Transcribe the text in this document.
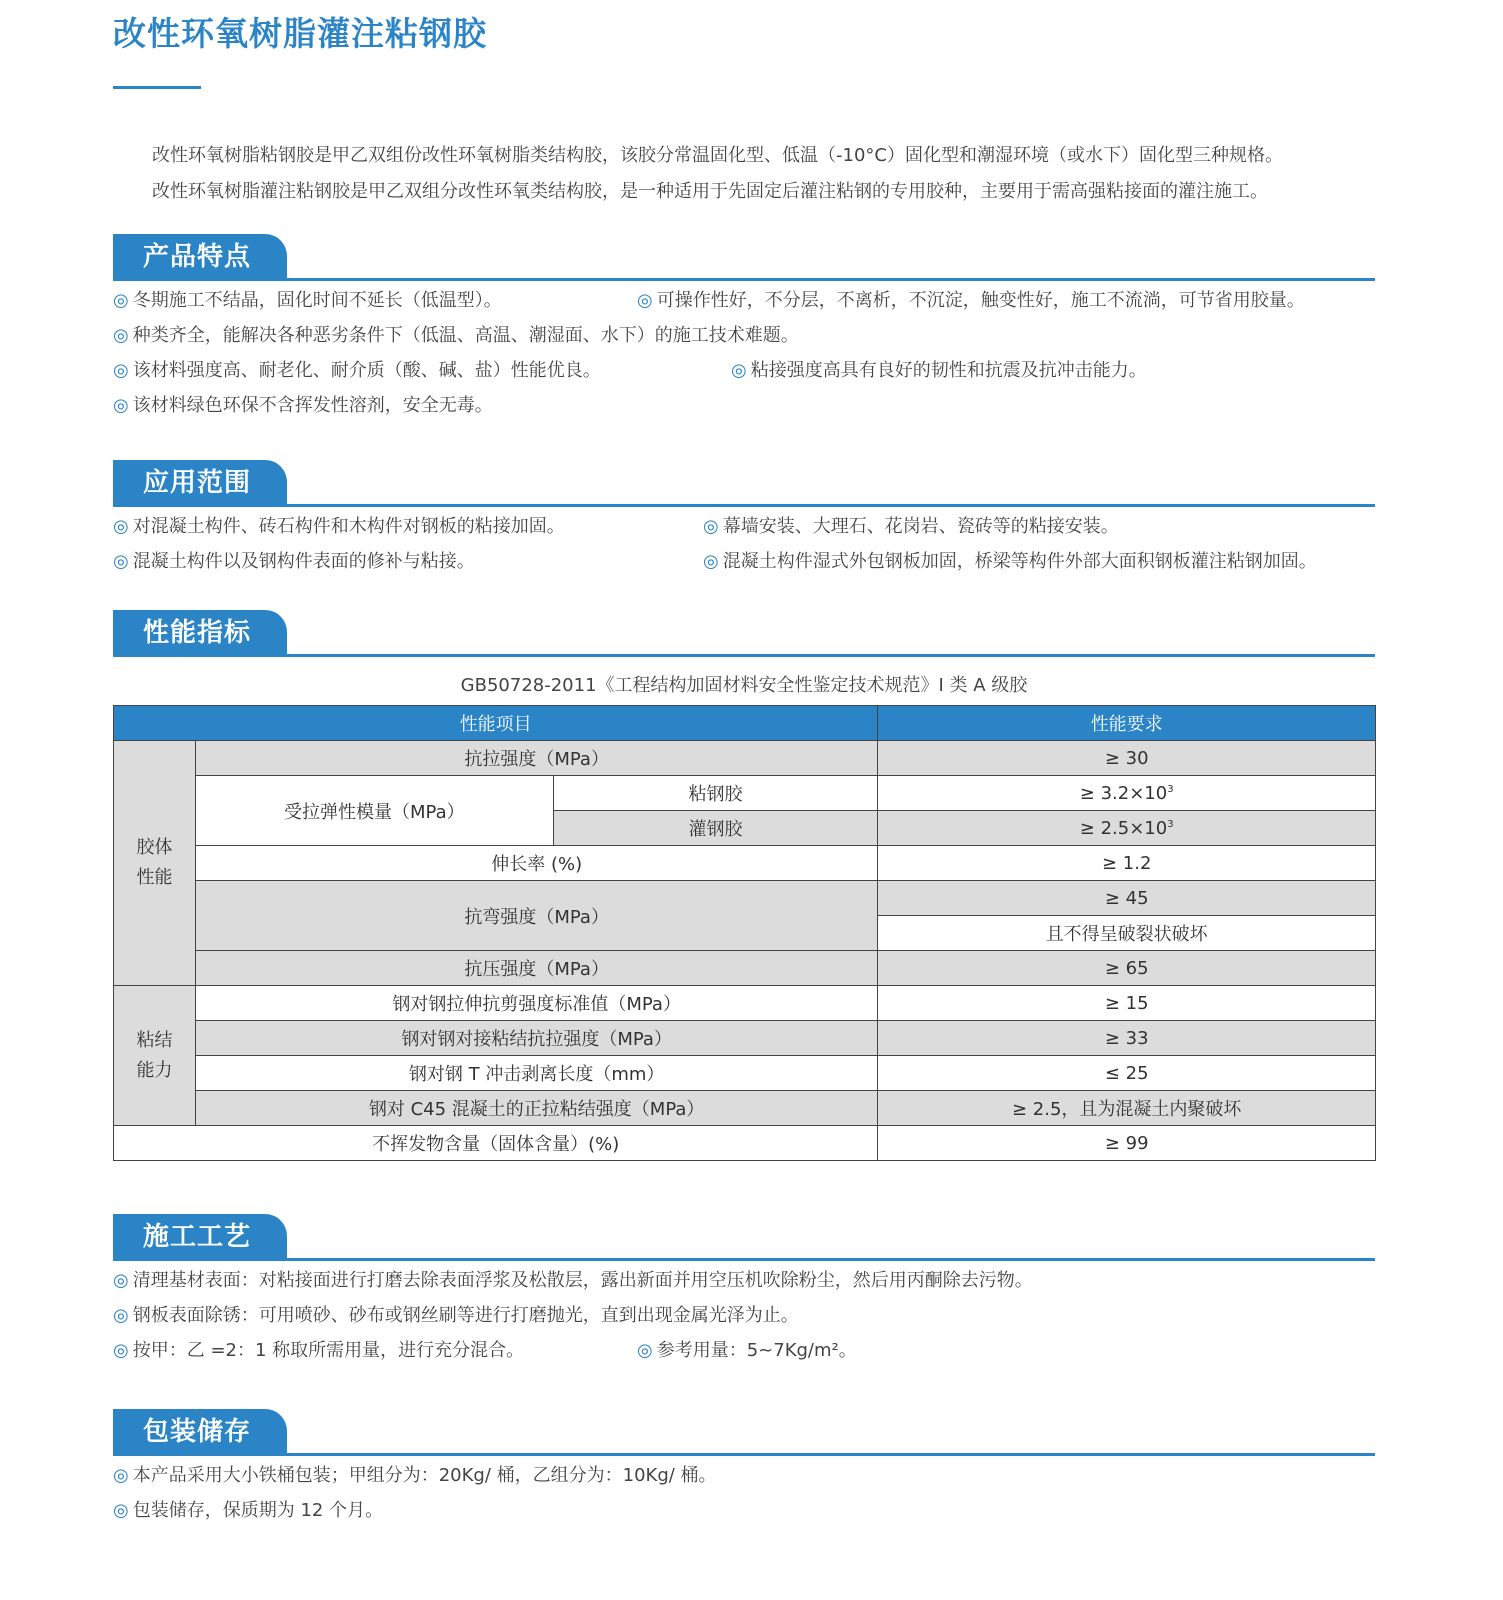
改性环氧树脂灌注粘钢胶
改性环氧树脂粘钢胶是甲乙双组份改性环氧树脂类结构胶，该胶分常温固化型、低温（-10°C）固化型和潮湿环境（或水下）固化型三种规格。
改性环氧树脂灌注粘钢胶是甲乙双组分改性环氧类结构胶，是一种适用于先固定后灌注粘钢的专用胶种，主要用于需高强粘接面的灌注施工。
产品特点
◎ 冬期施工不结晶，固化时间不延长（低温型）。	◎ 可操作性好，不分层，不离析，不沉淀，触变性好，施工不流淌，可节省用胶量。
◎ 种类齐全，能解决各种恶劣条件下（低温、高温、潮湿面、水下）的施工技术难题。
◎ 该材料强度高、耐老化、耐介质（酸、碱、盐）性能优良。	◎ 粘接强度高具有良好的韧性和抗震及抗冲击能力。
◎ 该材料绿色环保不含挥发性溶剂，安全无毒。
应用范围
◎ 对混凝土构件、砖石构件和木构件对钢板的粘接加固。	◎ 幕墙安装、大理石、花岗岩、瓷砖等的粘接安装。
◎ 混凝土构件以及钢构件表面的修补与粘接。	◎ 混凝土构件湿式外包钢板加固，桥梁等构件外部大面积钢板灌注粘钢加固。
性能指标
GB50728-2011《工程结构加固材料安全性鉴定技术规范》I 类 A 级胶
性能项目			性能要求
胶体性能	抗拉强度（MPa）		≥ 30
	受拉弹性模量（MPa）	粘钢胶	≥ $3.2\times 10^3$
		灌钢胶	≥ $2.5\times 10^3$
	伸长率 (%)		≥ 1.2
	抗弯强度（MPa）		≥ 45
			且不得呈破裂状破坏
	抗压强度（MPa）		≥ 65
粘结能力	钢对钢拉伸抗剪强度标准值（MPa）		≥ 15
	钢对钢对接粘结抗拉强度（MPa）		≥ 33
	钢对钢 T 冲击剥离长度（mm）		≤ 25
	钢对 C45 混凝土的正拉粘结强度（MPa）		≥ 2.5，且为混凝土内聚破坏
不挥发物含量（固体含量）(%)			≥ 99
施工工艺
◎ 清理基材表面：对粘接面进行打磨去除表面浮浆及松散层，露出新面并用空压机吹除粉尘，然后用丙酮除去污物。
◎ 钢板表面除锈：可用喷砂、砂布或钢丝刷等进行打磨抛光，直到出现金属光泽为止。
◎ 按甲：乙 =2：1 称取所需用量，进行充分混合。	◎ 参考用量：5~7Kg/m²。
包装储存
◎ 本产品采用大小铁桶包装；甲组分为：20Kg/ 桶，乙组分为：10Kg/ 桶。
◎ 包装储存，保质期为 12 个月。
